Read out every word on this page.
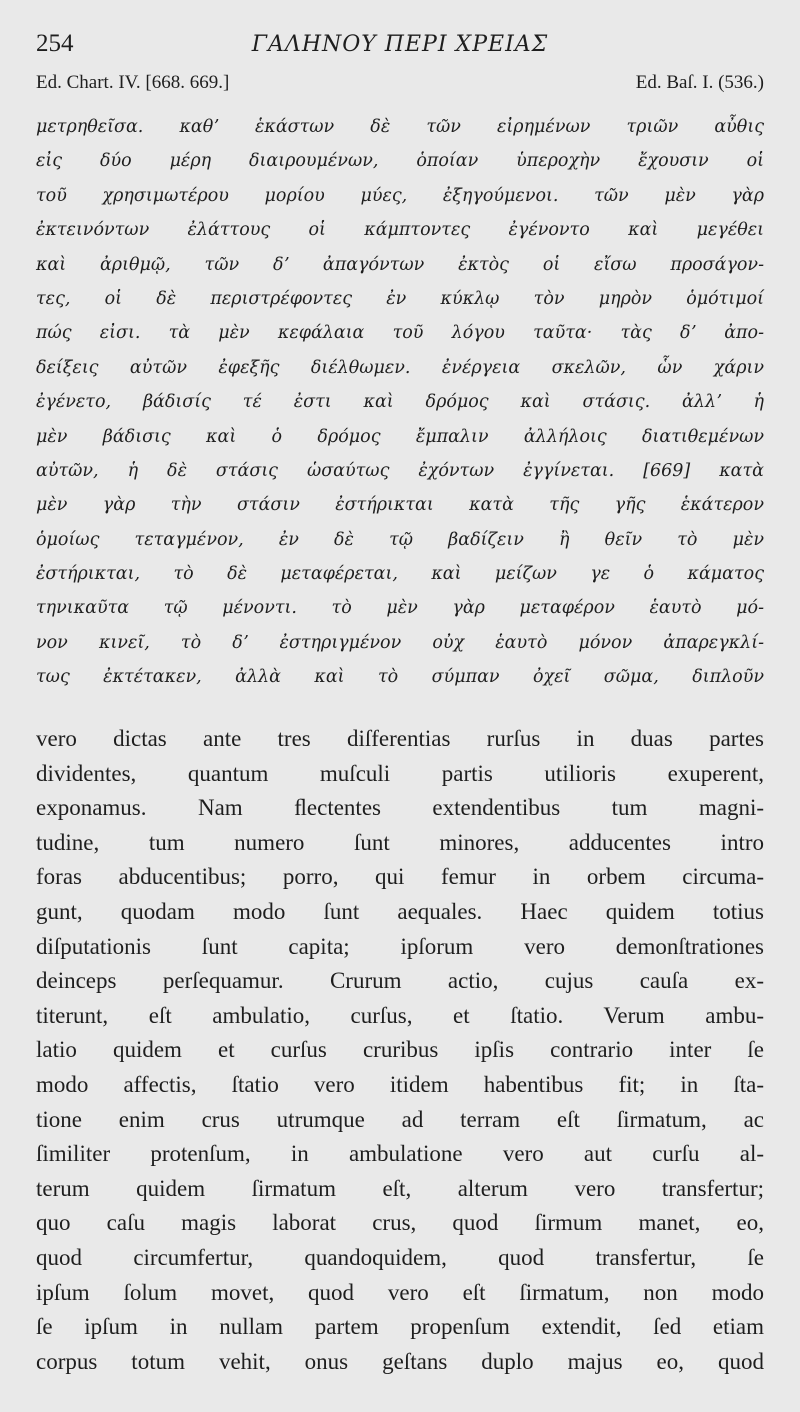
254	ΓΑΛΗΝΟΥ ΠΕΡΙ ΧΡΕΙΑΣ
Ed. Chart. IV. [668. 669.]	Ed. Baſ. I. (536.)
μετρηθεῖσα. καθʼ ἑκάστων δὲ τῶν εἰρημένων τριῶν αὖθις
εἰς δύο μέρη διαιρουμένων, ὁποίαν ὑπεροχὴν ἔχουσιν οἱ
τοῦ χρησιμωτέρου μορίου μύες, ἐξηγούμενοι. τῶν μὲν γὰρ
ἐκτεινόντων ἐλάττους οἱ κάμπτοντες ἐγένοντο καὶ μεγέθει
καὶ ἀριθμῷ, τῶν δʼ ἀπαγόντων ἐκτὸς οἱ εἴσω προσάγον-
τες, οἱ δὲ περιστρέφοντες ἐν κύκλῳ τὸν μηρὸν ὁμότιμοί
πώς εἰσι. τὰ μὲν κεφάλαια τοῦ λόγου ταῦτα· τὰς δʼ ἀπο-
δείξεις αὐτῶν ἐφεξῆς διέλθωμεν. ἐνέργεια σκελῶν, ὧν χάριν
ἐγένετο, βάδισίς τέ ἐστι καὶ δρόμος καὶ στάσις. ἀλλʼ ἡ
μὲν βάδισις καὶ ὁ δρόμος ἔμπαλιν ἀλλήλοις διατιθεμένων
αὐτῶν, ἡ δὲ στάσις ὡσαύτως ἐχόντων ἐγγίνεται. [669] κατὰ
μὲν γὰρ τὴν στάσιν ἐστήρικται κατὰ τῆς γῆς ἑκάτερον
ὁμοίως τεταγμένον, ἐν δὲ τῷ βαδίζειν ἢ θεῖν τὸ μὲν
ἐστήρικται, τὸ δὲ μεταφέρεται, καὶ μείζων γε ὁ κάματος
τηνικαῦτα τῷ μένοντι. τὸ μὲν γὰρ μεταφέρον ἑαυτὸ μό-
νον κινεῖ, τὸ δʼ ἐστηριγμένον οὐχ ἑαυτὸ μόνον ἀπαρεγκλί-
τως ἐκτέτακεν, ἀλλὰ καὶ τὸ σύμπαν ὀχεῖ σῶμα, διπλοῦν
vero dictas ante tres diſferentias rurſus in duas partes
dividentes, quantum muſculi partis utilioris exuperent,
exponamus. Nam ﬂectentes extendentibus tum magni-
tudine, tum numero ſunt minores, adducentes intro
foras abducentibus; porro, qui femur in orbem circuma-
gunt, quodam modo ſunt aequales. Haec quidem totius
diſputationis ſunt capita; ipſorum vero demonſtrationes
deinceps perſequamur. Crurum actio, cujus cauſa ex-
titerunt, eſt ambulatio, curſus, et ſtatio. Verum ambu-
latio quidem et curſus cruribus ipſis contrario inter ſe
modo affectis, ſtatio vero itidem habentibus fit; in ſta-
tione enim crus utrumque ad terram eſt ſirmatum, ac
ſimiliter protenſum, in ambulatione vero aut curſu al-
terum quidem ſirmatum eſt, alterum vero transfertur;
quo caſu magis laborat crus, quod ſirmum manet, eo,
quod circumfertur, quandoquidem, quod transfertur, ſe
ipſum ſolum movet, quod vero eſt ſirmatum, non modo
ſe ipſum in nullam partem propenſum extendit, ſed etiam
corpus totum vehit, onus geſtans duplo majus eo, quod
